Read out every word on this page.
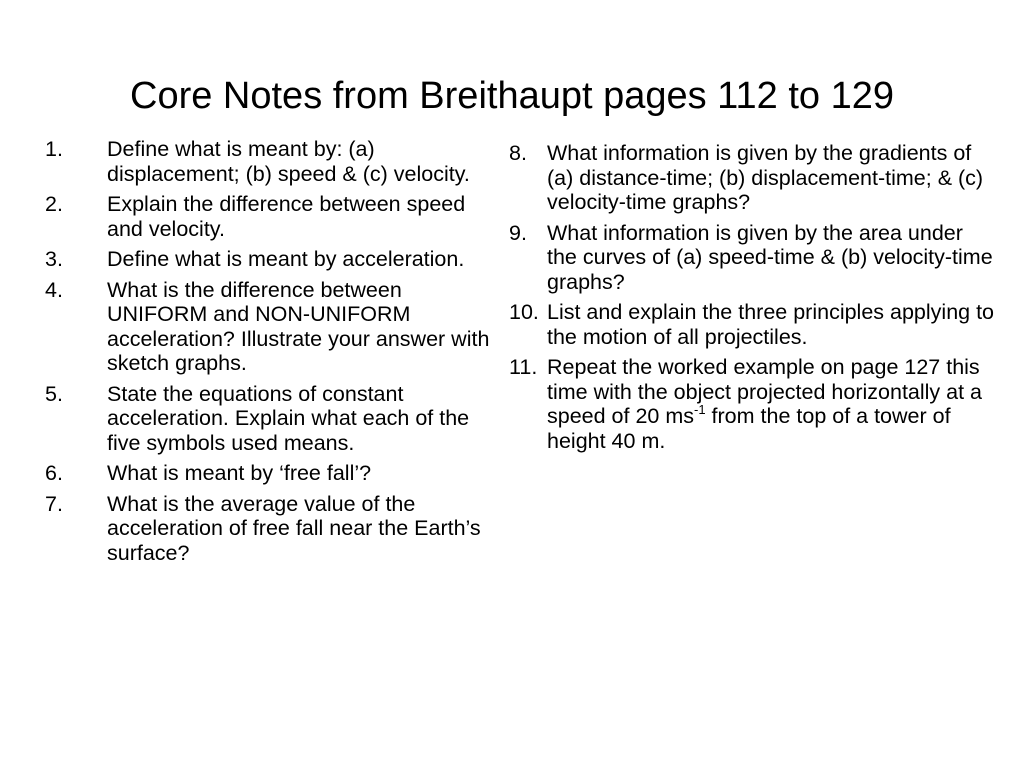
Core Notes from Breithaupt pages 112 to 129
1. Define what is meant by: (a) displacement; (b) speed & (c) velocity.
2. Explain the difference between speed and velocity.
3. Define what is meant by acceleration.
4. What is the difference between UNIFORM and NON-UNIFORM acceleration? Illustrate your answer with sketch graphs.
5. State the equations of constant acceleration. Explain what each of the five symbols used means.
6. What is meant by ‘free fall’?
7. What is the average value of the acceleration of free fall near the Earth’s surface?
8. What information is given by the gradients of (a) distance-time; (b) displacement-time; & (c) velocity-time graphs?
9. What information is given by the area under the curves of (a) speed-time & (b) velocity-time graphs?
10. List and explain the three principles applying to the motion of all projectiles.
11. Repeat the worked example on page 127 this time with the object projected horizontally at a speed of 20 $ms^{-1}$ from the top of a tower of height 40 m.
